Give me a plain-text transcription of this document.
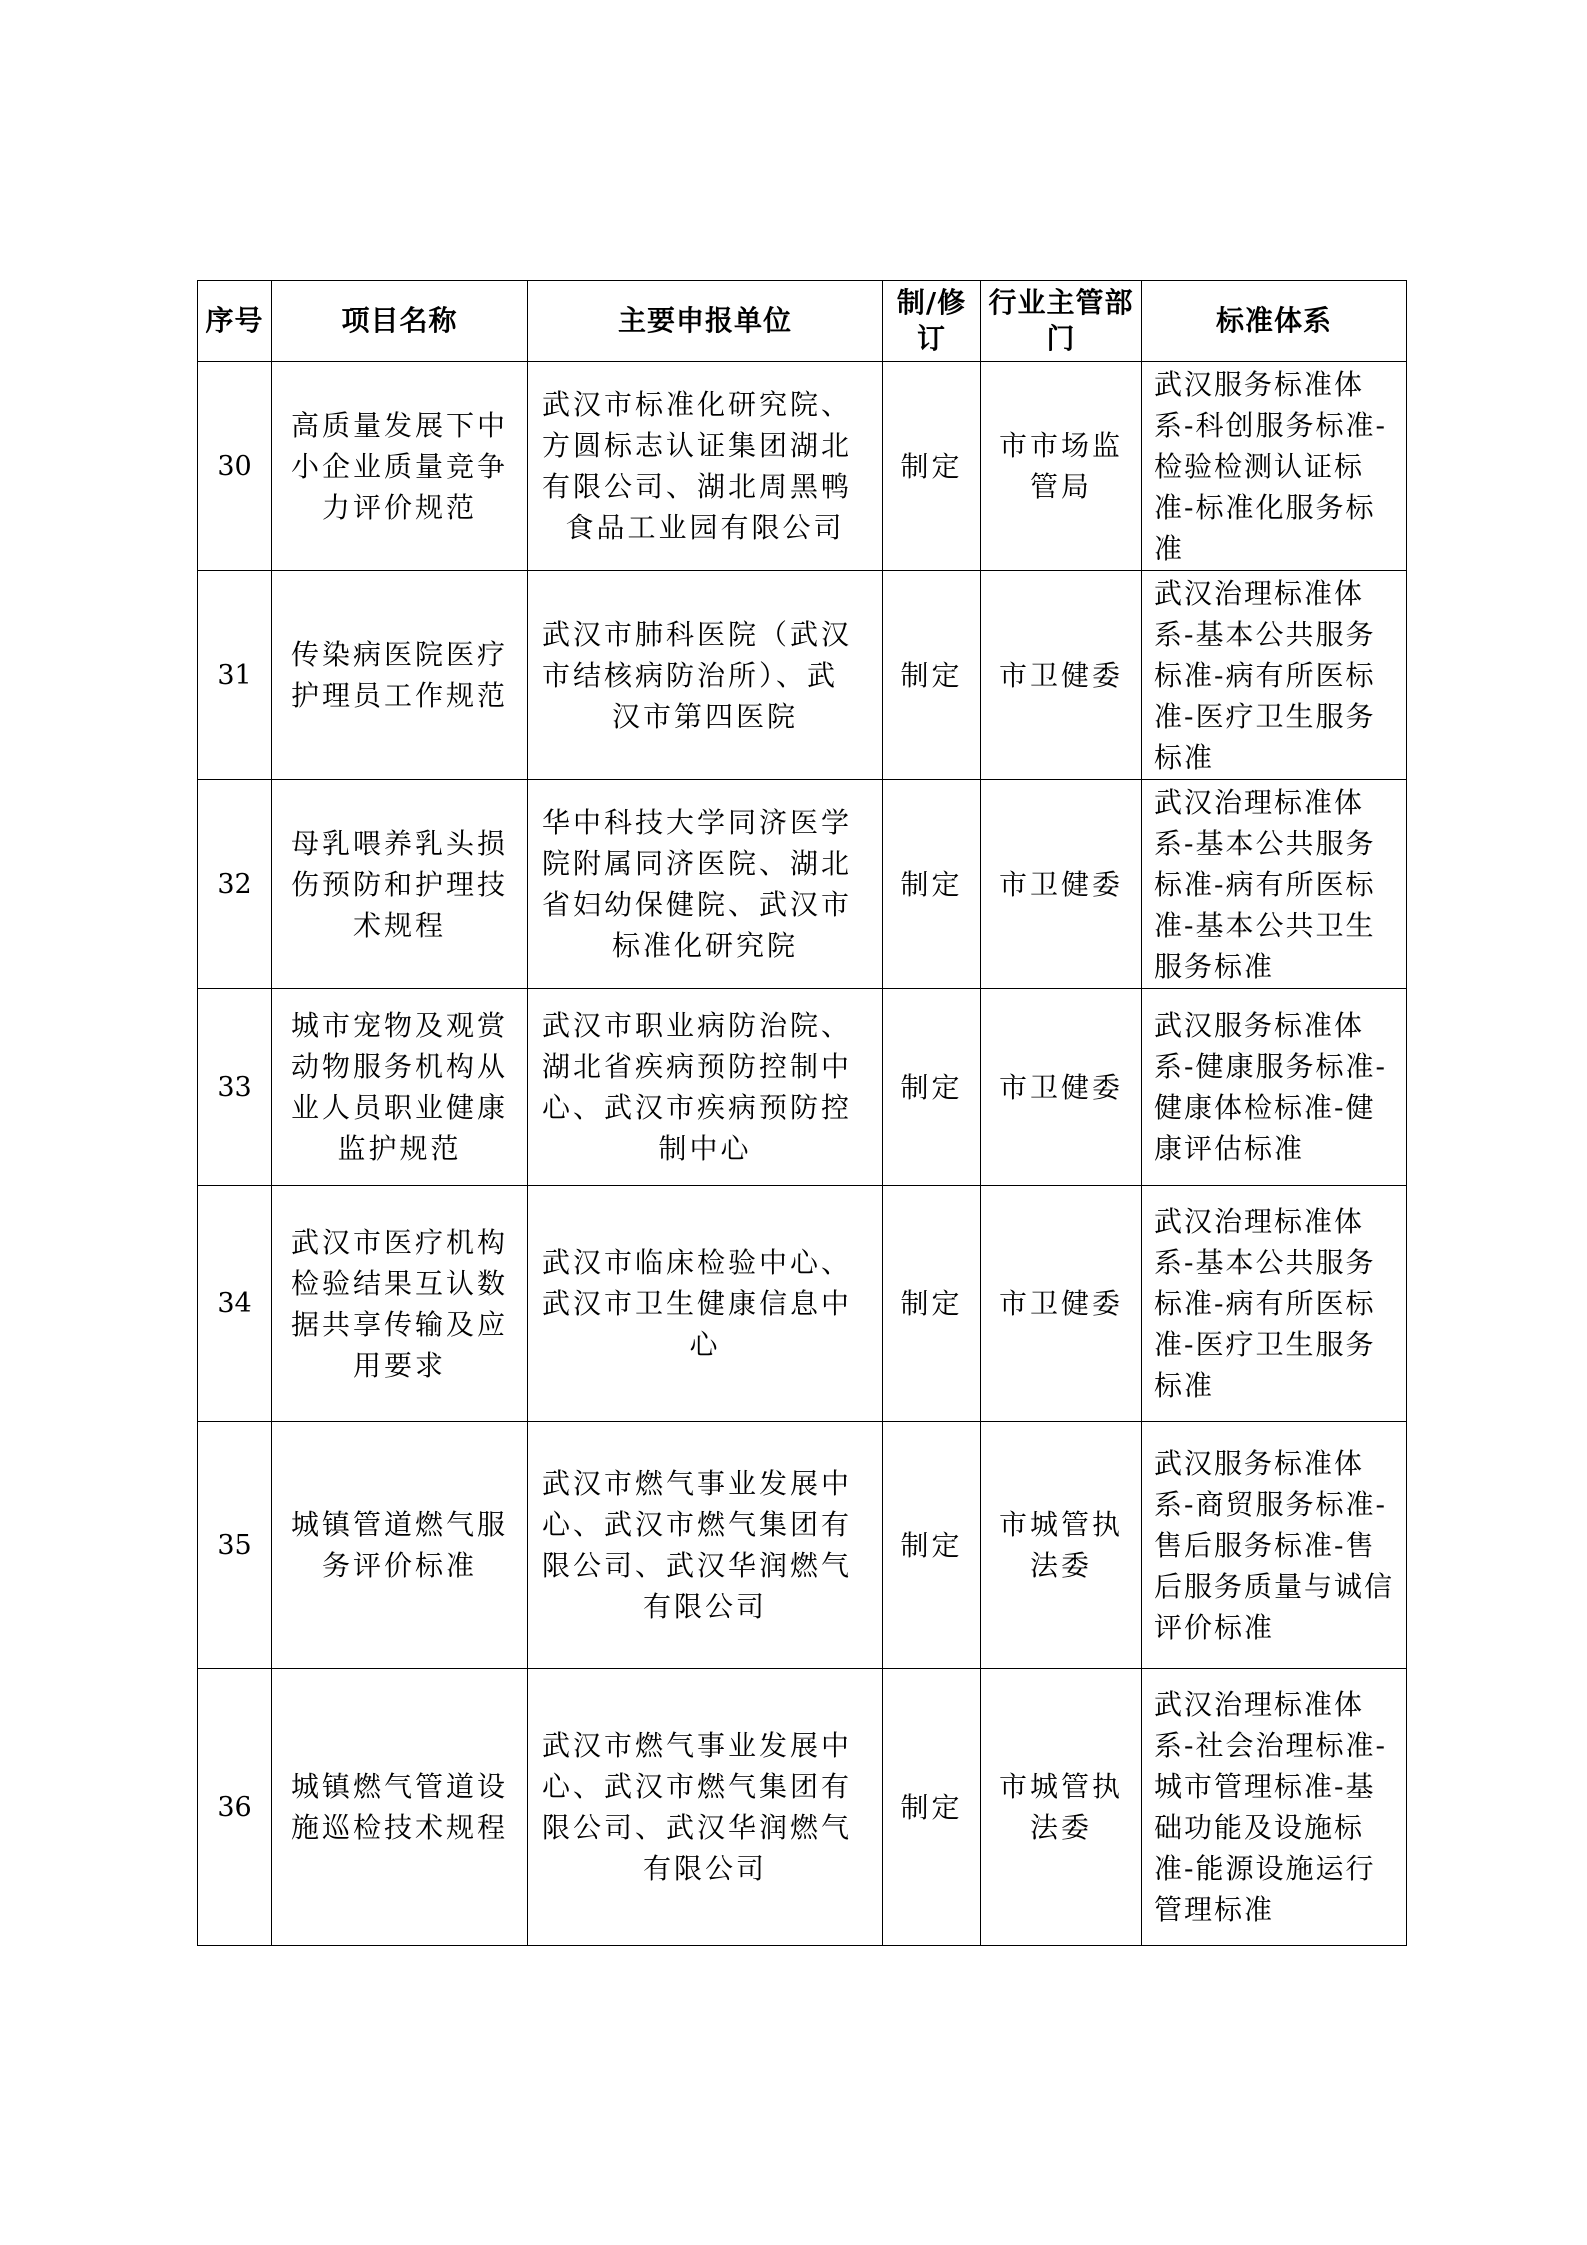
序号	项目名称	主要申报单位	制/修订	行业主管部门	标准体系
30	高质量发展下中小企业质量竞争力评价规范	武汉市标准化研究院、方圆标志认证集团湖北有限公司、湖北周黑鸭食品工业园有限公司	制定	市市场监管局	武汉服务标准体系-科创服务标准-检验检测认证标准-标准化服务标准
31	传染病医院医疗护理员工作规范	武汉市肺科医院（武汉市结核病防治所）、武汉市第四医院	制定	市卫健委	武汉治理标准体系-基本公共服务标准-病有所医标准-医疗卫生服务标准
32	母乳喂养乳头损伤预防和护理技术规程	华中科技大学同济医学院附属同济医院、湖北省妇幼保健院、武汉市标准化研究院	制定	市卫健委	武汉治理标准体系-基本公共服务标准-病有所医标准-基本公共卫生服务标准
33	城市宠物及观赏动物服务机构从业人员职业健康监护规范	武汉市职业病防治院、湖北省疾病预防控制中心、武汉市疾病预防控制中心	制定	市卫健委	武汉服务标准体系-健康服务标准-健康体检标准-健康评估标准
34	武汉市医疗机构检验结果互认数据共享传输及应用要求	武汉市临床检验中心、武汉市卫生健康信息中心	制定	市卫健委	武汉治理标准体系-基本公共服务标准-病有所医标准-医疗卫生服务标准
35	城镇管道燃气服务评价标准	武汉市燃气事业发展中心、武汉市燃气集团有限公司、武汉华润燃气有限公司	制定	市城管执法委	武汉服务标准体系-商贸服务标准-售后服务标准-售后服务质量与诚信评价标准
36	城镇燃气管道设施巡检技术规程	武汉市燃气事业发展中心、武汉市燃气集团有限公司、武汉华润燃气有限公司	制定	市城管执法委	武汉治理标准体系-社会治理标准-城市管理标准-基础功能及设施标准-能源设施运行管理标准
